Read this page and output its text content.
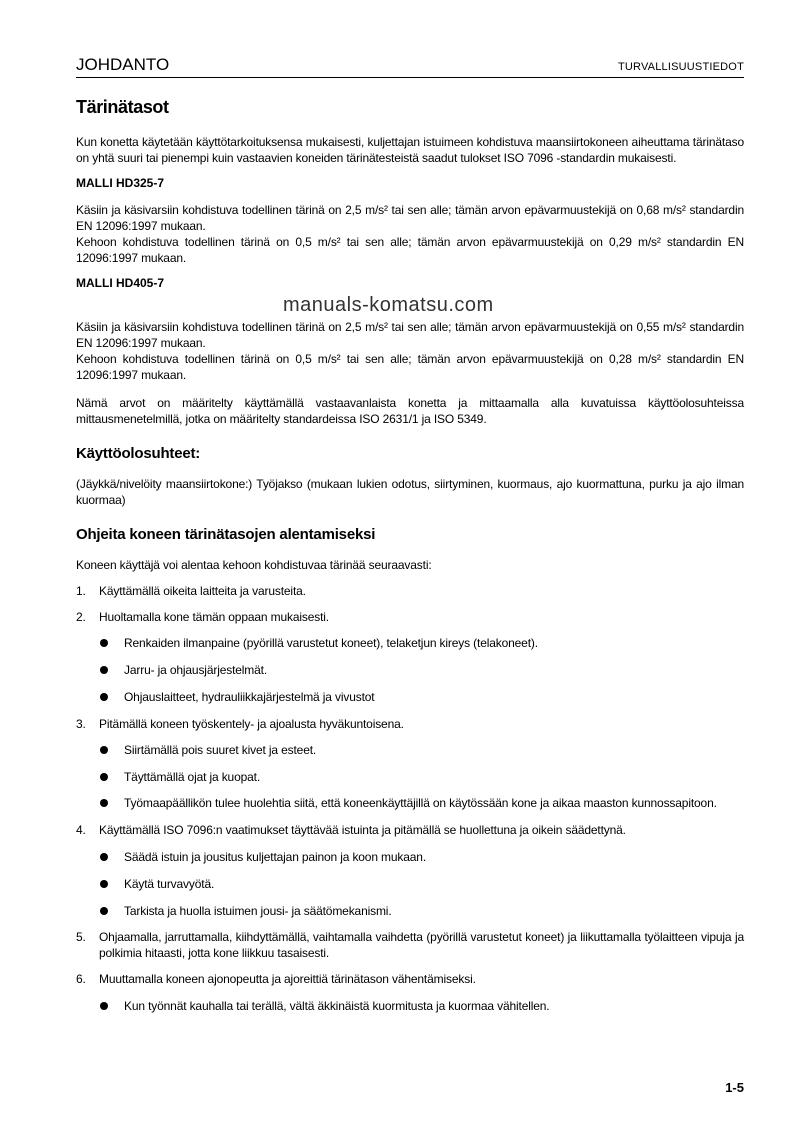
JOHDANTO	TURVALLISUUSTIEDOT
Tärinätasot
Kun konetta käytetään käyttötarkoituksensa mukaisesti, kuljettajan istuimeen kohdistuva maansiirtokoneen aiheuttama tärinätaso on yhtä suuri tai pienempi kuin vastaavien koneiden tärinätesteistä saadut tulokset ISO 7096 -standardin mukaisesti.
MALLI HD325-7
Käsiin ja käsivarsiin kohdistuva todellinen tärinä on 2,5 m/s² tai sen alle; tämän arvon epävarmuustekijä on 0,68 m/s² standardin EN 12096:1997 mukaan.
Kehoon kohdistuva todellinen tärinä on 0,5 m/s² tai sen alle; tämän arvon epävarmuustekijä on 0,29 m/s² standardin EN 12096:1997 mukaan.
MALLI HD405-7
manuals-komatsu.com
Käsiin ja käsivarsiin kohdistuva todellinen tärinä on 2,5 m/s² tai sen alle; tämän arvon epävarmuustekijä on 0,55 m/s² standardin EN 12096:1997 mukaan.
Kehoon kohdistuva todellinen tärinä on 0,5 m/s² tai sen alle; tämän arvon epävarmuustekijä on 0,28 m/s² standardin EN 12096:1997 mukaan.
Nämä arvot on määritelty käyttämällä vastaavanlaista konetta ja mittaamalla alla kuvatuissa käyttöolosuhteissa mittausmenetelmillä, jotka on määritelty standardeissa ISO 2631/1 ja ISO 5349.
Käyttöolosuhteet:
(Jäykkä/nivelöity maansiirtokone:) Työjakso (mukaan lukien odotus, siirtyminen, kuormaus, ajo kuormattuna, purku ja ajo ilman kuormaa)
Ohjeita koneen tärinätasojen alentamiseksi
Koneen käyttäjä voi alentaa kehoon kohdistuvaa tärinää seuraavasti:
1. Käyttämällä oikeita laitteita ja varusteita.
2. Huoltamalla kone tämän oppaan mukaisesti.
Renkaiden ilmanpaine (pyörillä varustetut koneet), telaketjun kireys (telakoneet).
Jarru- ja ohjausjärjestelmät.
Ohjauslaitteet, hydrauliikkajärjestelmä ja vivustot
3. Pitämällä koneen työskentely- ja ajoalusta hyväkuntoisena.
Siirtämällä pois suuret kivet ja esteet.
Täyttämällä ojat ja kuopat.
Työmaapäällikön tulee huolehtia siitä, että koneenkäyttäjillä on käytössään kone ja aikaa maaston kunnossapitoon.
4. Käyttämällä ISO 7096:n vaatimukset täyttävää istuinta ja pitämällä se huollettuna ja oikein säädettynä.
Säädä istuin ja jousitus kuljettajan painon ja koon mukaan.
Käytä turvavyötä.
Tarkista ja huolla istuimen jousi- ja säätömekanismi.
5. Ohjaamalla, jarruttamalla, kiihdyttämällä, vaihtamalla vaihdetta (pyörillä varustetut koneet) ja liikuttamalla työlaitteen vipuja ja polkimia hitaasti, jotta kone liikkuu tasaisesti.
6. Muuttamalla koneen ajonopeutta ja ajoreittiä tärinätason vähentämiseksi.
Kun työnnät kauhalla tai terällä, vältä äkkinäistä kuormitusta ja kuormaa vähitellen.
1-5
